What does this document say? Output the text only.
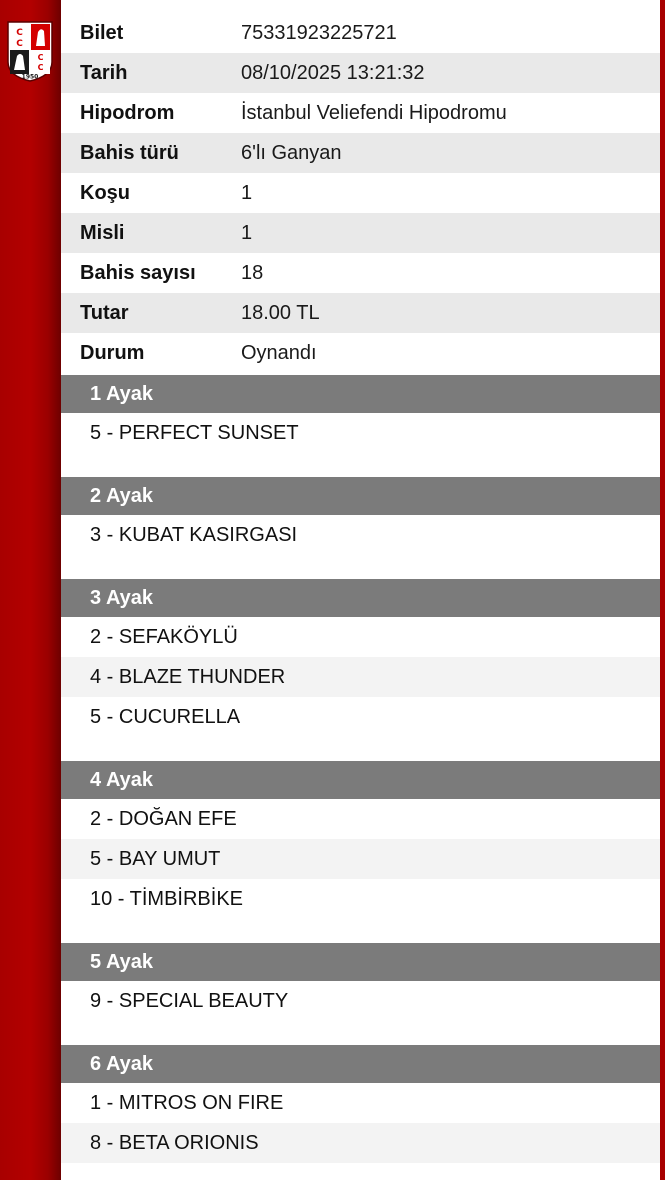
C
C
C
C
1950
Bilet	75331923225721
Tarih	08/10/2025 13:21:32
Hipodrom	İstanbul Veliefendi Hipodromu
Bahis türü	6'lı Ganyan
Koşu	1
Misli	1
Bahis sayısı	18
Tutar	18.00 TL
Durum	Oynandı
1 Ayak
5 - PERFECT SUNSET
2 Ayak
3 - KUBAT KASIRGASI
3 Ayak
2 - SEFAKÖYLÜ
4 - BLAZE THUNDER
5 - CUCURELLA
4 Ayak
2 - DOĞAN EFE
5 - BAY UMUT
10 - TİMBİRBİKE
5 Ayak
9 - SPECIAL BEAUTY
6 Ayak
1 - MITROS ON FIRE
8 - BETA ORIONIS
